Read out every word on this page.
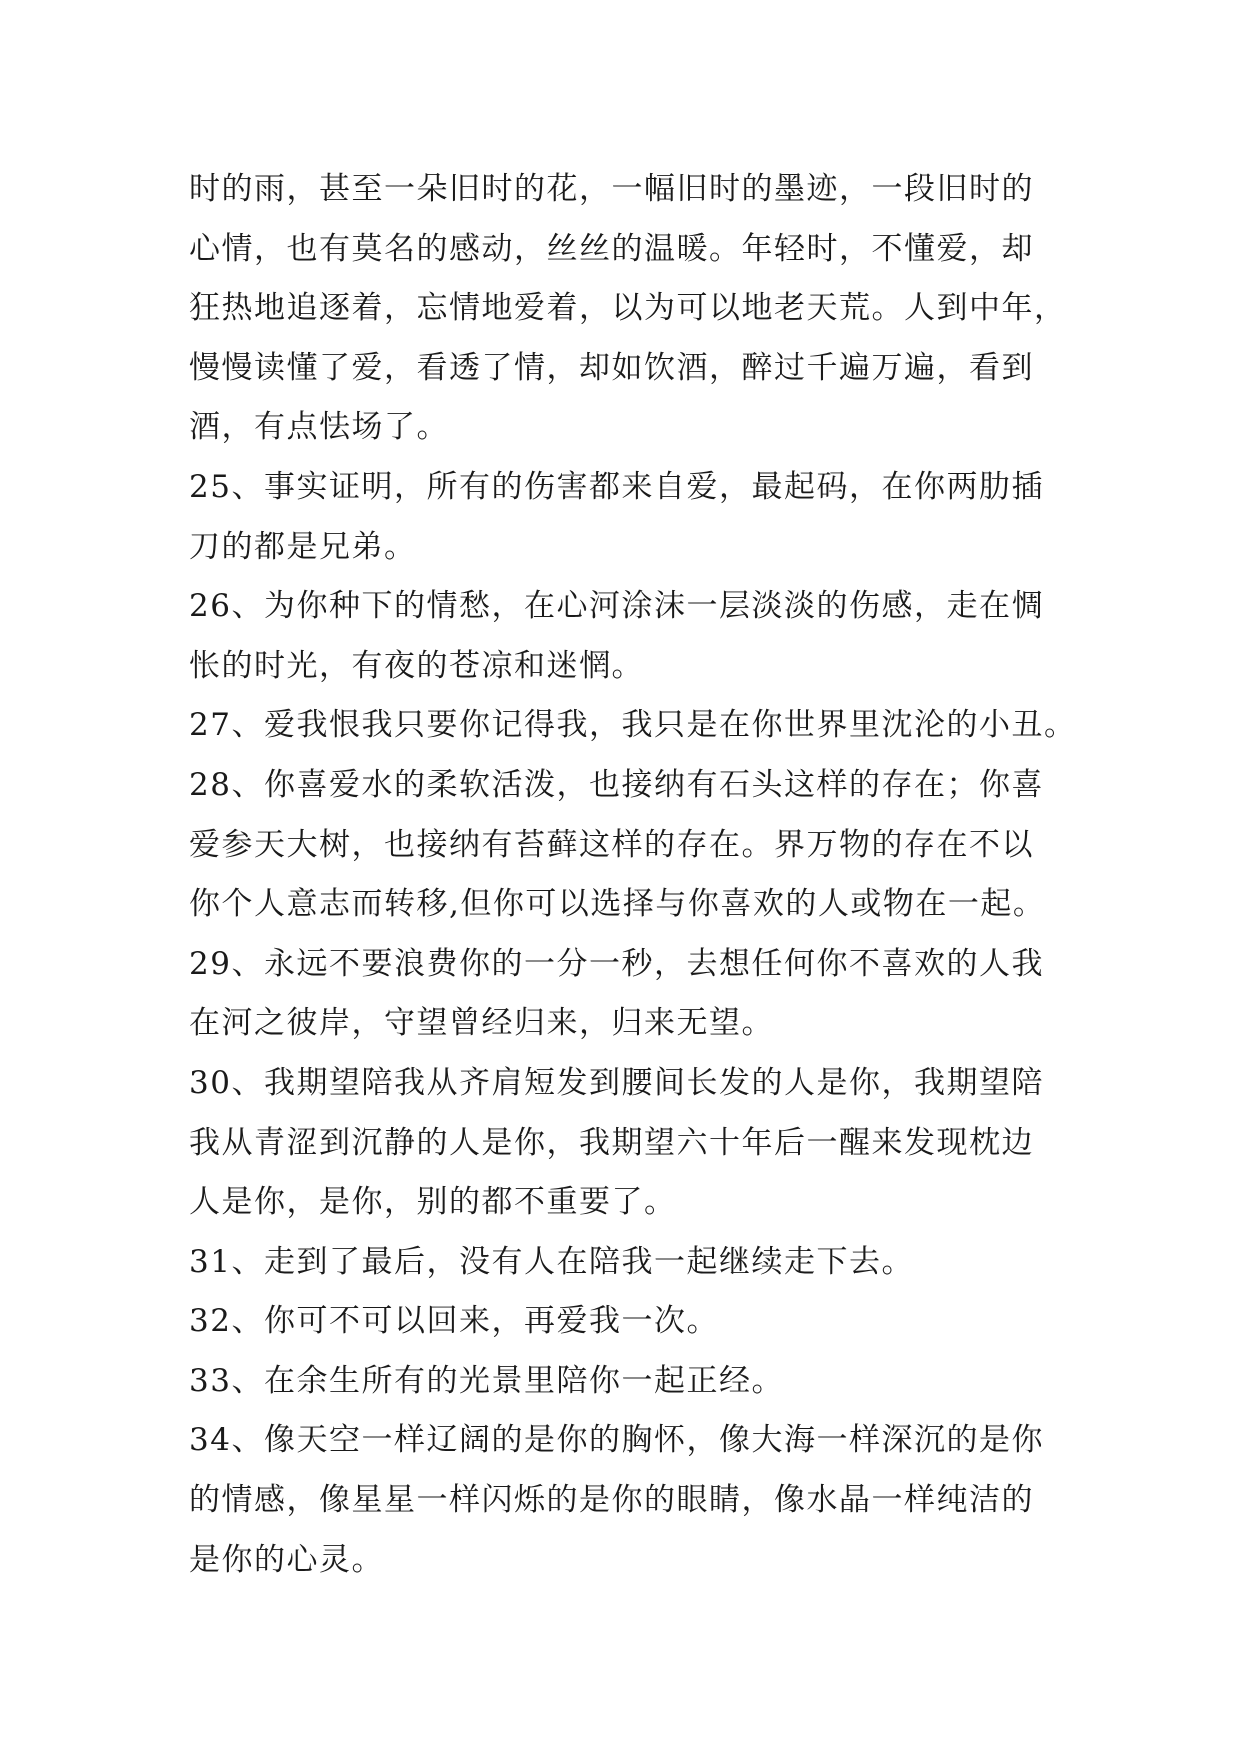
时的雨，甚至一朵旧时的花，一幅旧时的墨迹，一段旧时的
心情，也有莫名的感动，丝丝的温暖。年轻时，不懂爱，却
狂热地追逐着，忘情地爱着，以为可以地老天荒。人到中年，
慢慢读懂了爱，看透了情，却如饮酒，醉过千遍万遍，看到
酒，有点怯场了。
25、事实证明，所有的伤害都来自爱，最起码，在你两肋插
刀的都是兄弟。
26、为你种下的情愁，在心河涂沫一层淡淡的伤感，走在惆
怅的时光，有夜的苍凉和迷惘。
27、爱我恨我只要你记得我，我只是在你世界里沈沦的小丑。
28、你喜爱水的柔软活泼，也接纳有石头这样的存在；你喜
爱参天大树，也接纳有苔藓这样的存在。界万物的存在不以
你个人意志而转移,但你可以选择与你喜欢的人或物在一起。
29、永远不要浪费你的一分一秒，去想任何你不喜欢的人我
在河之彼岸，守望曾经归来，归来无望。
30、我期望陪我从齐肩短发到腰间长发的人是你，我期望陪
我从青涩到沉静的人是你，我期望六十年后一醒来发现枕边
人是你，是你，别的都不重要了。
31、走到了最后，没有人在陪我一起继续走下去。
32、你可不可以回来，再爱我一次。
33、在余生所有的光景里陪你一起正经。
34、像天空一样辽阔的是你的胸怀，像大海一样深沉的是你
的情感，像星星一样闪烁的是你的眼睛，像水晶一样纯洁的
是你的心灵。
